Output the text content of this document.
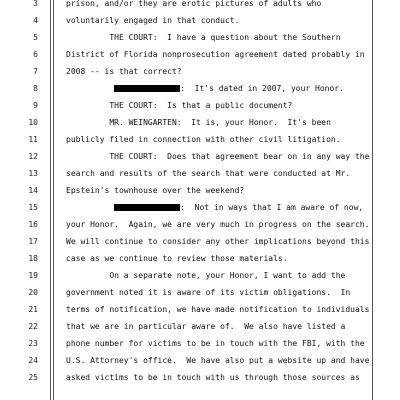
3	prison, and/or they are erotic pictures of adults who
4	voluntarily engaged in that conduct.
5	THE COURT:  I have a question about the Southern
6	District of Florida nonprosecution agreement dated probably in
7	2008 -- is that correct?
8	:  It's dated in 2007, your Honor.
9	THE COURT:  Is that a public document?
10	MR. WEINGARTEN:  It is, your Honor.  It's been
11	publicly filed in connection with other civil litigation.
12	THE COURT:  Does that agreement bear on in any way the
13	search and results of the search that were conducted at Mr.
14	Epstein's townhouse over the weekend?
15	:  Not in ways that I am aware of now,
16	your Honor.  Again, we are very much in progress on the search.
17	We will continue to consider any other implications beyond this
18	case as we continue to review those materials.
19	On a separate note, your Honor, I want to add the
20	government noted it is aware of its victim obligations.  In
21	terms of notification, we have made notification to individuals
22	that we are in particular aware of.  We also have listed a
23	phone number for victims to be in touch with the FBI, with the
24	U.S. Attorney's office.  We have also put a website up and have
25	asked victims to be in touch with us through those sources as
